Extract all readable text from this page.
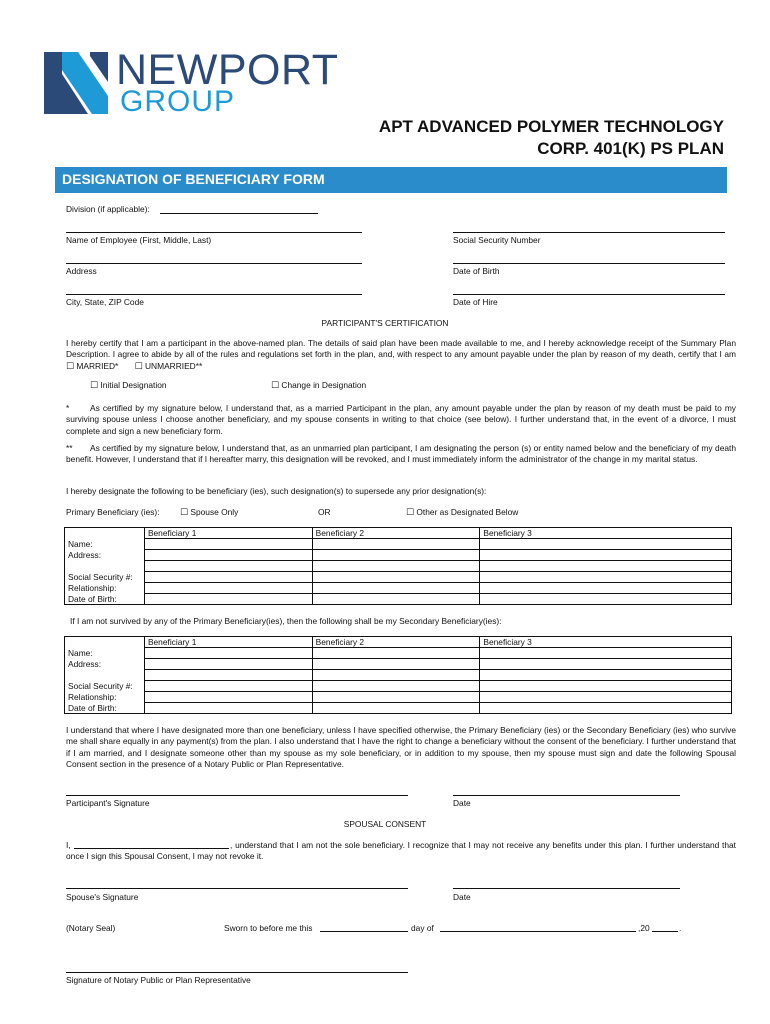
NEWPORT
GROUP
APT ADVANCED POLYMER TECHNOLOGY
CORP. 401(K) PS PLAN
DESIGNATION OF BENEFICIARY FORM
Division (if applicable):
Name of Employee (First, Middle, Last)	Social Security Number
Address	Date of Birth
City, State, ZIP Code	Date of Hire
PARTICIPANT'S CERTIFICATION
I hereby certify that I am a participant in the above-named plan. The details of said plan have been made available to me, and I hereby acknowledge receipt of the Summary Plan Description. I agree to abide by all of the rules and regulations set forth in the plan, and, with respect to any amount payable under the plan by reason of my death, certify that I am ☐ MARRIED* ☐ UNMARRIED**
☐ Initial Designation	☐ Change in Designation
*	As certified by my signature below, I understand that, as a married Participant in the plan, any amount payable under the plan by reason of my death must be paid to my surviving spouse unless I choose another beneficiary, and my spouse consents in writing to that choice (see below). I further understand that, in the event of a divorce, I must complete and sign a new beneficiary form.
**	As certified by my signature below, I understand that, as an unmarried plan participant, I am designating the person (s) or entity named below and the beneficiary of my death benefit. However, I understand that if I hereafter marry, this designation will be revoked, and I must immediately inform the administrator of the change in my marital status.
I hereby designate the following to be beneficiary (ies), such designation(s) to supersede any prior designation(s):
Primary Beneficiary (ies): ☐ Spouse Only	OR	☐ Other as Designated Below
	Beneficiary 1	Beneficiary 2	Beneficiary 3
Name:			
Address:			

Social Security #:			
Relationship:			
Date of Birth:			
If I am not survived by any of the Primary Beneficiary(ies), then the following shall be my Secondary Beneficiary(ies):
	Beneficiary 1	Beneficiary 2	Beneficiary 3
Name:			
Address:			

Social Security #:			
Relationship:			
Date of Birth:			
I understand that where I have designated more than one beneficiary, unless I have specified otherwise, the Primary Beneficiary (ies) or the Secondary Beneficiary (ies) who survive me shall share equally in any payment(s) from the plan. I also understand that I have the right to change a beneficiary without the consent of the beneficiary. I further understand that if I am married, and I designate someone other than my spouse as my sole beneficiary, or in addition to my spouse, then my spouse must sign and date the following Spousal Consent section in the presence of a Notary Public or Plan Representative.
Participant's Signature	Date
SPOUSAL CONSENT
I,	, understand that I am not the sole beneficiary. I recognize that I may not receive any benefits under this plan. I further understand that once I sign this Spousal Consent, I may not revoke it.
Spouse's Signature	Date
(Notary Seal)	Sworn to before me this	day of	,20	.
Signature of Notary Public or Plan Representative
